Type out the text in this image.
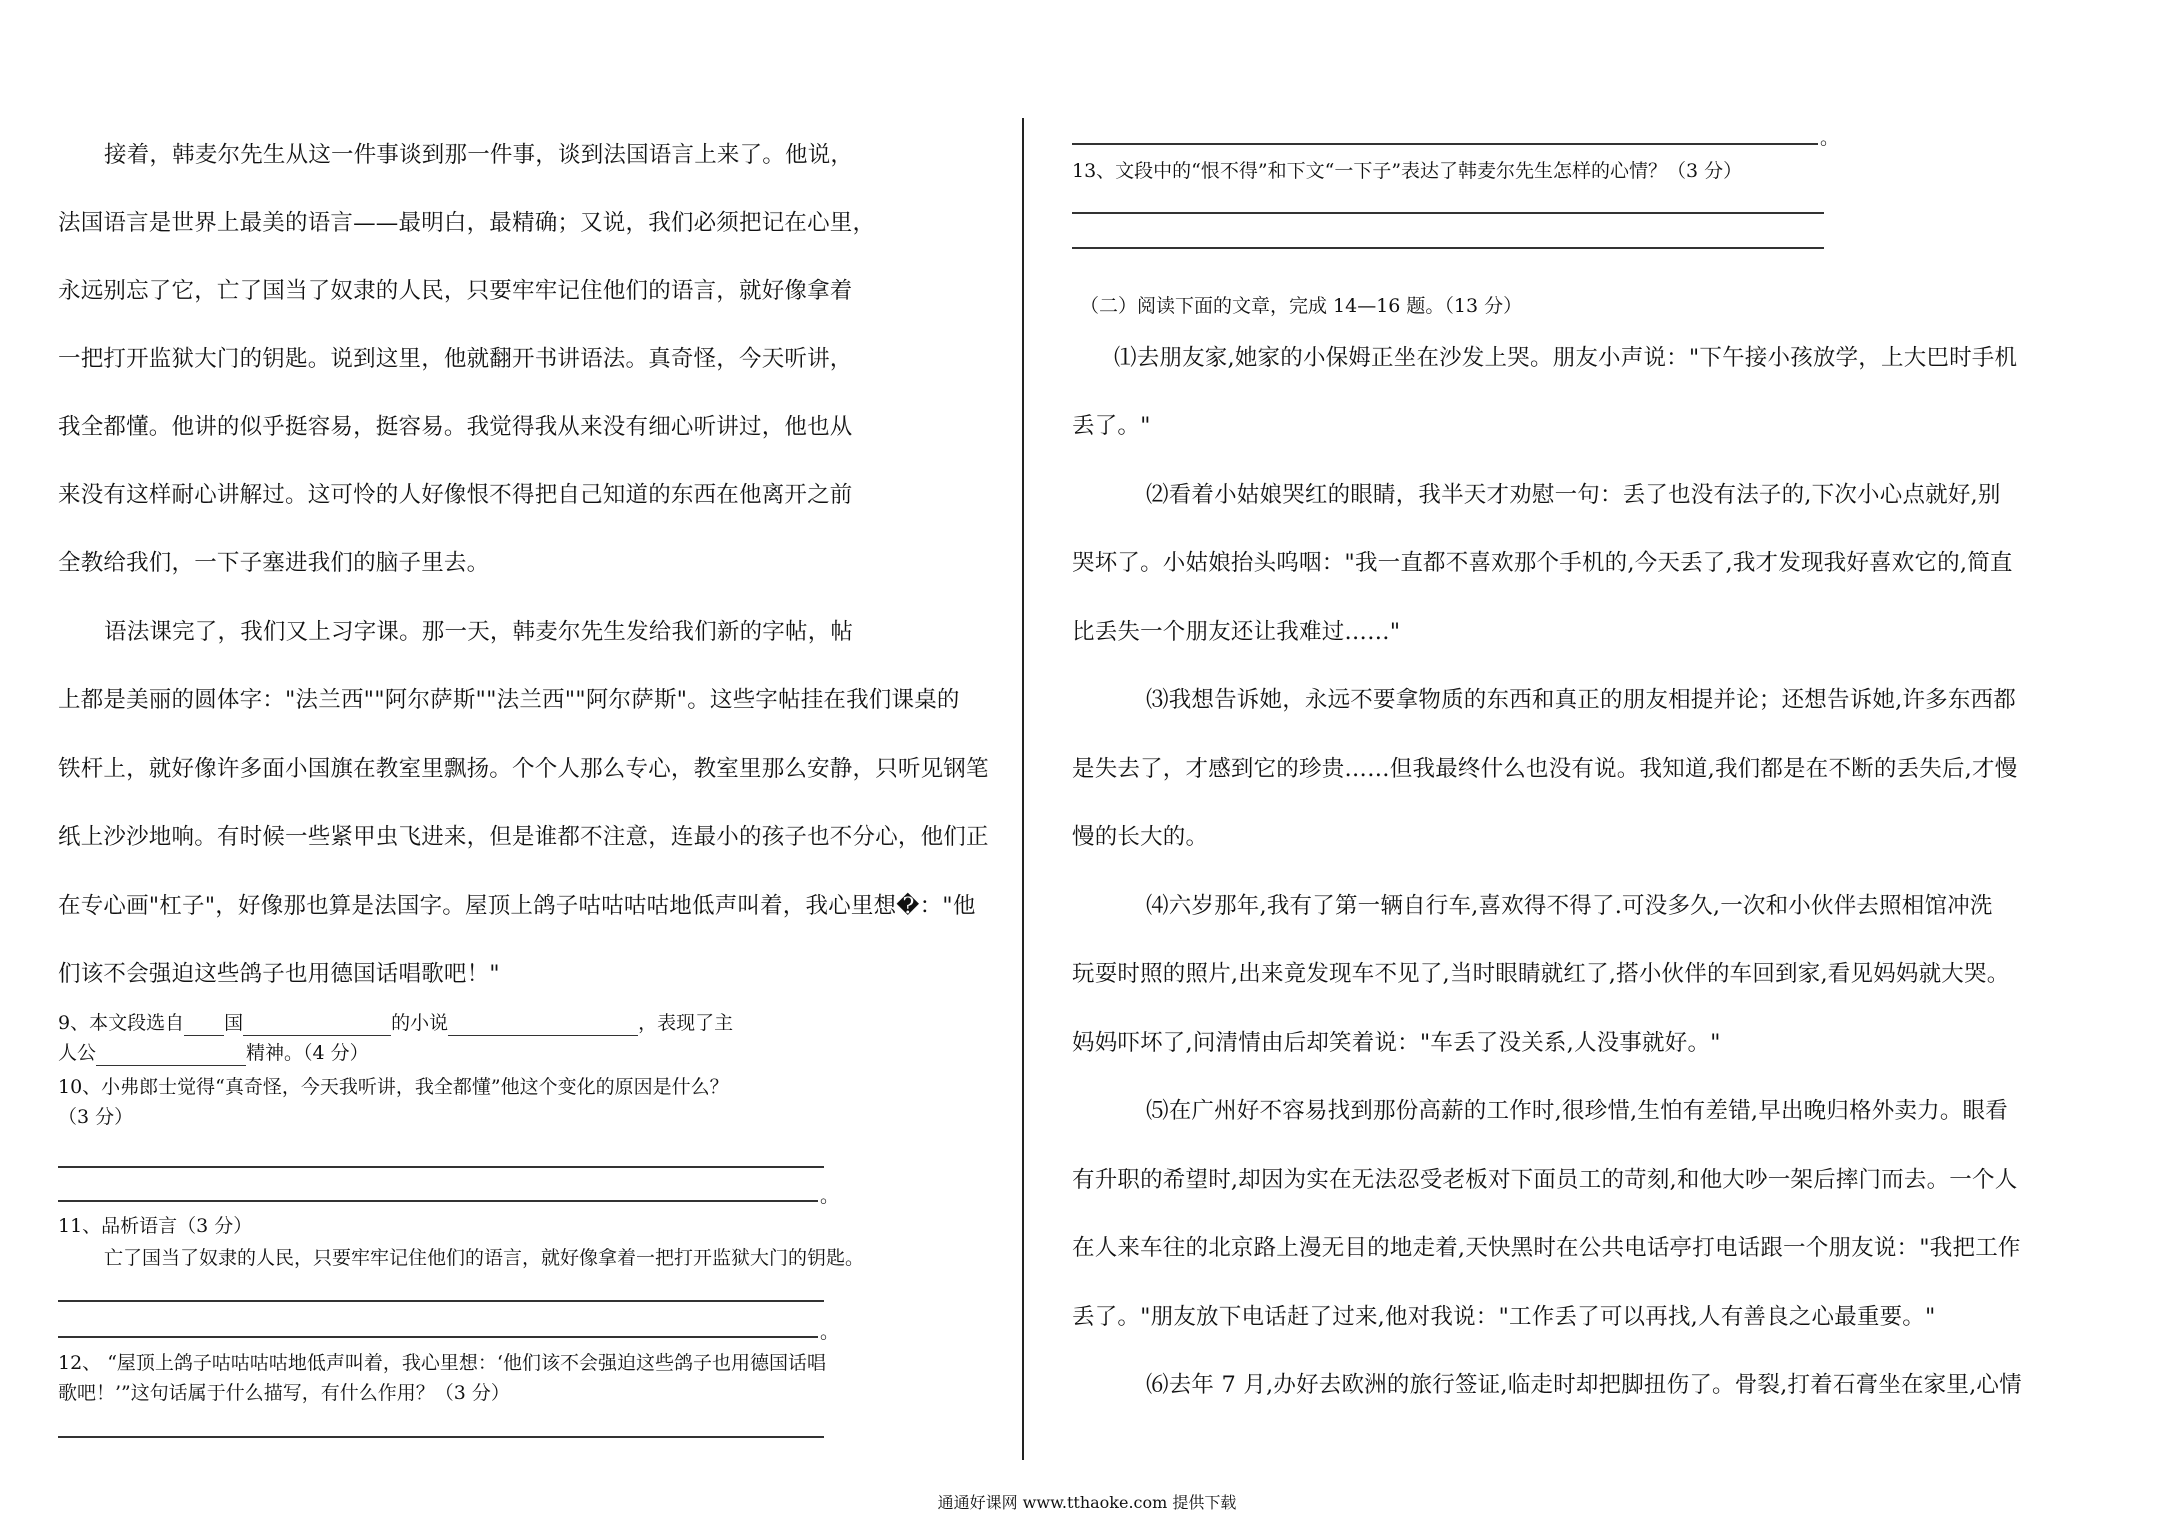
接着，韩麦尔先生从这一件事谈到那一件事，谈到法国语言上来了。他说，
法国语言是世界上最美的语言——最明白，最精确；又说，我们必须把记在心里，
永远别忘了它，亡了国当了奴隶的人民，只要牢牢记住他们的语言，就好像拿着
一把打开监狱大门的钥匙。说到这里，他就翻开书讲语法。真奇怪，今天听讲，
我全都懂。他讲的似乎挺容易，挺容易。我觉得我从来没有细心听讲过，他也从
来没有这样耐心讲解过。这可怜的人好像恨不得把自己知道的东西在他离开之前
全教给我们，一下子塞进我们的脑子里去。
语法课完了，我们又上习字课。那一天，韩麦尔先生发给我们新的字帖，帖
上都是美丽的圆体字："法兰西""阿尔萨斯""法兰西""阿尔萨斯"。这些字帖挂在我们课桌的
铁杆上，就好像许多面小国旗在教室里飘扬。个个人那么专心，教室里那么安静，只听见钢笔
纸上沙沙地响。有时候一些紧甲虫飞进来，但是谁都不注意，连最小的孩子也不分心，他们正
在专心画"杠子"，好像那也算是法国字。屋顶上鸽子咕咕咕咕地低声叫着，我心里想�："他
们该不会强迫这些鸽子也用德国话唱歌吧！"
9、本文段选自 国	的小说	，表现了主
人公	精神。（4 分）
10、小弗郎士觉得“真奇怪，今天我听讲，我全都懂”他这个变化的原因是什么？
（3 分）
。
11、品析语言（3 分）
亡了国当了奴隶的人民，只要牢牢记住他们的语言，就好像拿着一把打开监狱大门的钥匙。
。
12、 “屋顶上鸽子咕咕咕咕地低声叫着，我心里想：‘他们该不会强迫这些鸽子也用德国话唱
歌吧！’”这句话属于什么描写，有什么作用？（3 分）
。
13、文段中的“恨不得”和下文“一下子”表达了韩麦尔先生怎样的心情？（3 分）
（二）阅读下面的文章，完成 14—16 题。（13 分）
⑴去朋友家,她家的小保姆正坐在沙发上哭。朋友小声说："下午接小孩放学，上大巴时手机
丢了。"
⑵看着小姑娘哭红的眼睛，我半天才劝慰一句：丢了也没有法子的,下次小心点就好,别
哭坏了。小姑娘抬头呜咽："我一直都不喜欢那个手机的,今天丢了,我才发现我好喜欢它的,简直
比丢失一个朋友还让我难过……"
⑶我想告诉她，永远不要拿物质的东西和真正的朋友相提并论；还想告诉她,许多东西都
是失去了，才感到它的珍贵……但我最终什么也没有说。我知道,我们都是在不断的丢失后,才慢
慢的长大的。
⑷六岁那年,我有了第一辆自行车,喜欢得不得了.可没多久,一次和小伙伴去照相馆冲洗
玩耍时照的照片,出来竟发现车不见了,当时眼睛就红了,搭小伙伴的车回到家,看见妈妈就大哭。
妈妈吓坏了,问清情由后却笑着说："车丢了没关系,人没事就好。"
⑸在广州好不容易找到那份高薪的工作时,很珍惜,生怕有差错,早出晚归格外卖力。眼看
有升职的希望时,却因为实在无法忍受老板对下面员工的苛刻,和他大吵一架后摔门而去。一个人
在人来车往的北京路上漫无目的地走着,天快黑时在公共电话亭打电话跟一个朋友说："我把工作
丢了。"朋友放下电话赶了过来,他对我说："工作丢了可以再找,人有善良之心最重要。"
⑹去年 7 月,办好去欧洲的旅行签证,临走时却把脚扭伤了。骨裂,打着石膏坐在家里,心情
通通好课网 www.tthaoke.com 提供下载
